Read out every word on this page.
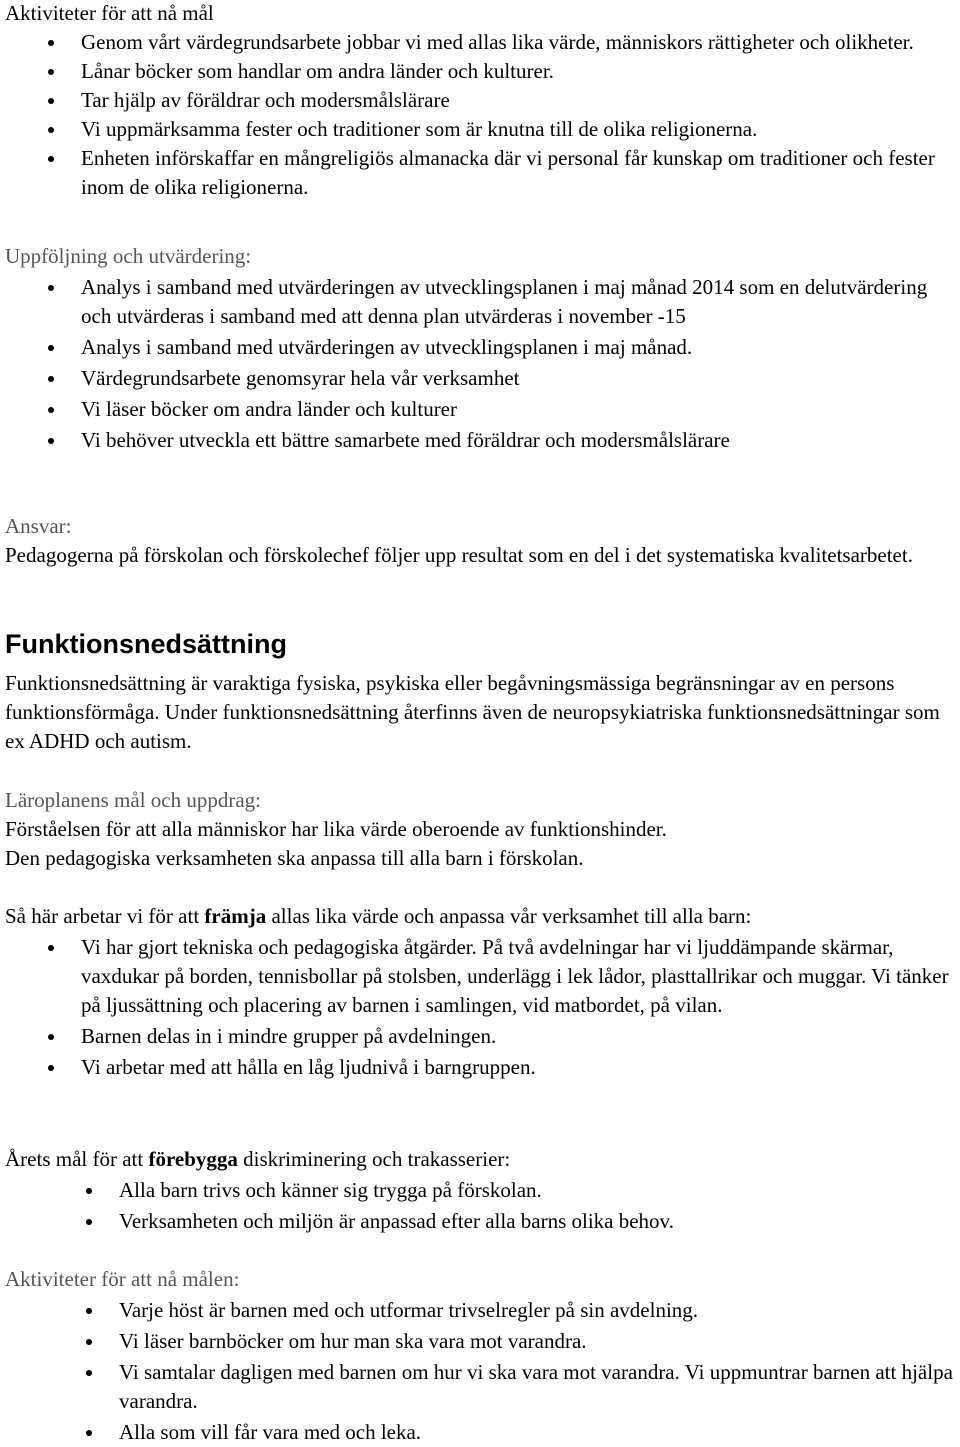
Aktiviteter för att nå mål
Genom vårt värdegrundsarbete jobbar vi med allas lika värde, människors rättigheter och olikheter.
Lånar böcker som handlar om andra länder och kulturer.
Tar hjälp av föräldrar och modersmålslärare
Vi uppmärksamma fester och traditioner som är knutna till de olika religionerna.
Enheten införskaffar en mångreligiös almanacka där vi personal får kunskap om traditioner och fester inom de olika religionerna.
Uppföljning och utvärdering:
Analys i samband med utvärderingen av utvecklingsplanen i maj månad 2014 som en delutvärdering och utvärderas i samband med att denna plan utvärderas i november -15
Analys i samband med utvärderingen av utvecklingsplanen i maj månad.
Värdegrundsarbete genomsyrar hela vår verksamhet
Vi läser böcker om andra länder och kulturer
Vi behöver utveckla ett bättre samarbete med föräldrar och modersmålslärare
Ansvar:
Pedagogerna på förskolan och förskolechef följer upp resultat som en del i det systematiska kvalitetsarbetet.
Funktionsnedsättning
Funktionsnedsättning är varaktiga fysiska, psykiska eller begåvningsmässiga begränsningar av en persons funktionsförmåga. Under funktionsnedsättning återfinns även de neuropsykiatriska funktionsnedsättningar som ex ADHD och autism.
Läroplanens mål och uppdrag:
Förståelsen för att alla människor har lika värde oberoende av funktionshinder.
Den pedagogiska verksamheten ska anpassa till alla barn i förskolan.
Så här arbetar vi för att främja allas lika värde och anpassa vår verksamhet till alla barn:
Vi har gjort tekniska och pedagogiska åtgärder. På två avdelningar har vi ljuddämpande skärmar, vaxdukar på borden, tennisbollar på stolsben, underlägg i lek lådor, plasttallrikar och muggar. Vi tänker på ljussättning och placering av barnen i samlingen, vid matbordet, på vilan.
Barnen delas in i mindre grupper på avdelningen.
Vi arbetar med att hålla en låg ljudnivå i barngruppen.
Årets mål för att förebygga diskriminering och trakasserier:
Alla barn trivs och känner sig trygga på förskolan.
Verksamheten och miljön är anpassad efter alla barns olika behov.
Aktiviteter för att nå målen:
Varje höst är barnen med och utformar trivselregler på sin avdelning.
Vi läser barnböcker om hur man ska vara mot varandra.
Vi samtalar dagligen med barnen om hur vi ska vara mot varandra. Vi uppmuntrar barnen att hjälpa varandra.
Alla som vill får vara med och leka.
